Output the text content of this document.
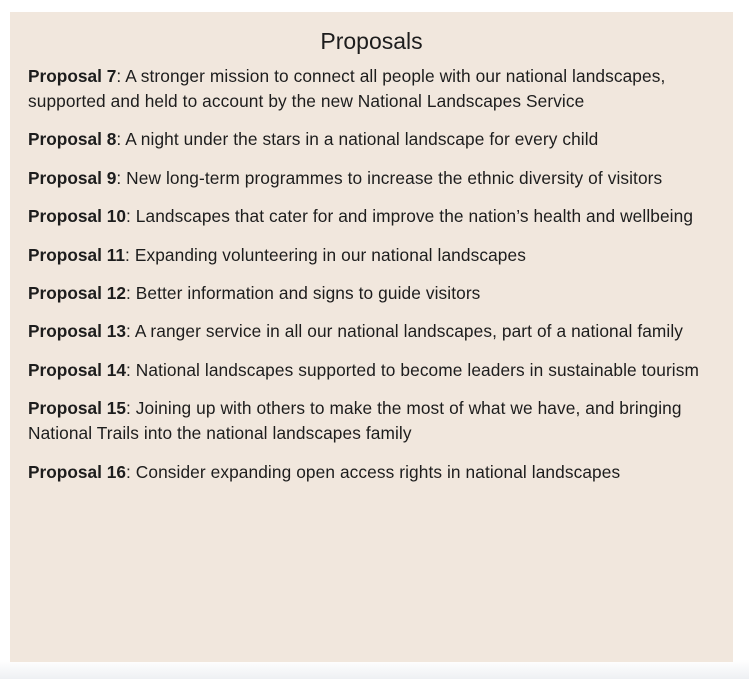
Proposals
Proposal 7: A stronger mission to connect all people with our national landscapes, supported and held to account by the new National Landscapes Service
Proposal 8: A night under the stars in a national landscape for every child
Proposal 9: New long-term programmes to increase the ethnic diversity of visitors
Proposal 10: Landscapes that cater for and improve the nation’s health and wellbeing
Proposal 11: Expanding volunteering in our national landscapes
Proposal 12: Better information and signs to guide visitors
Proposal 13: A ranger service in all our national landscapes, part of a national family
Proposal 14: National landscapes supported to become leaders in sustainable tourism
Proposal 15: Joining up with others to make the most of what we have, and bringing National Trails into the national landscapes family
Proposal 16: Consider expanding open access rights in national landscapes
